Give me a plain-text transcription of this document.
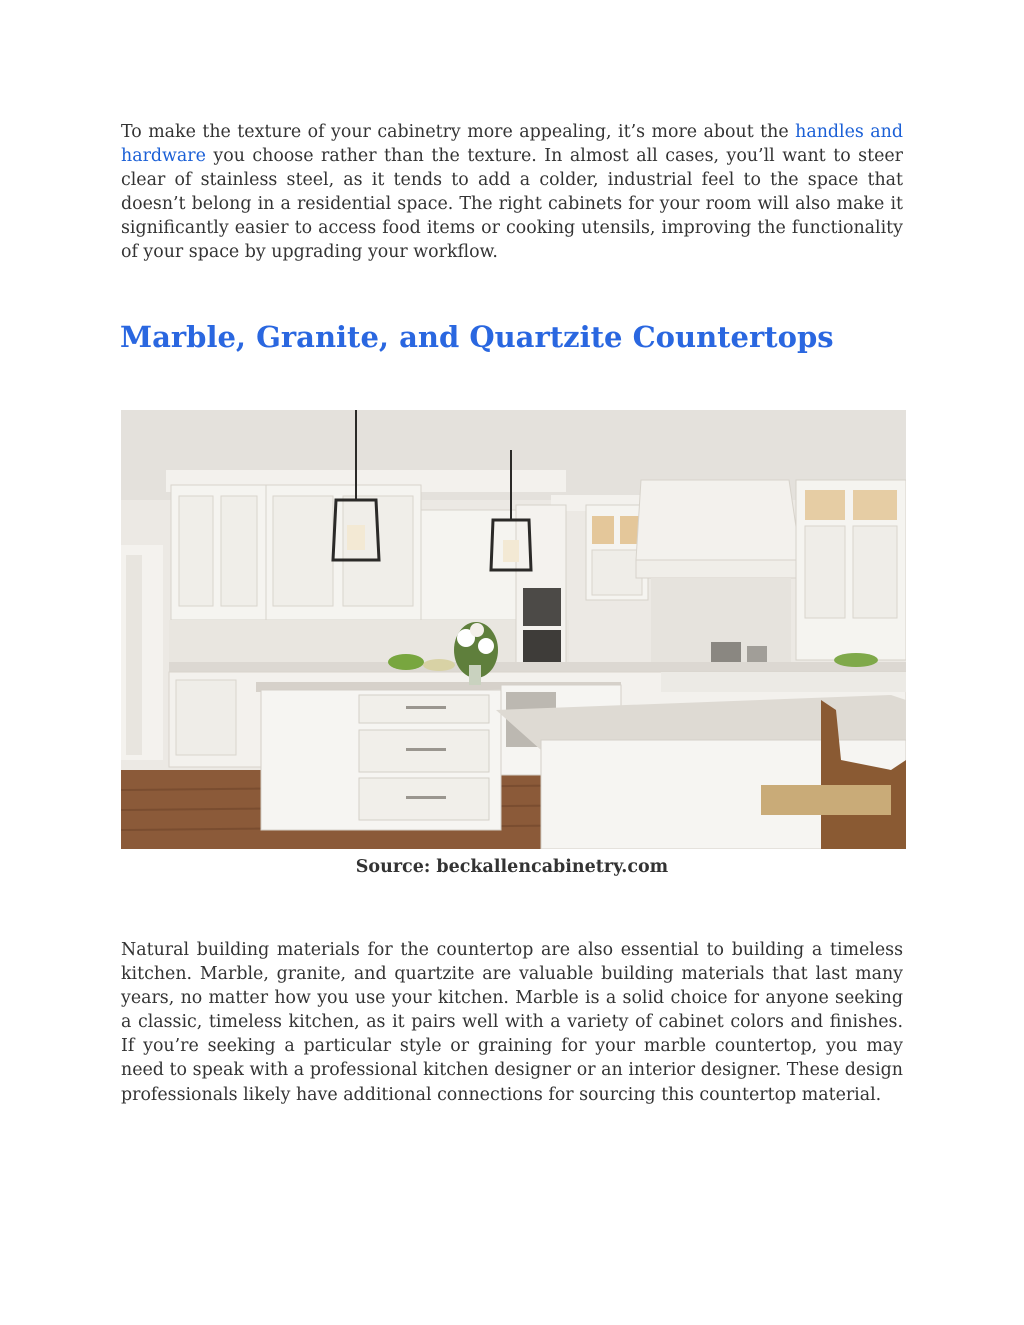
To make the texture of your cabinetry more appealing, it’s more about the handles and hardware you choose rather than the texture. In almost all cases, you’ll want to steer clear of stainless steel, as it tends to add a colder, industrial feel to the space that doesn’t belong in a residential space. The right cabinets for your room will also make it significantly easier to access food items or cooking utensils, improving the functionality of your space by upgrading your workflow.

Marble, Granite, and Quartzite Countertops
Source: beckallencabinetry.com

Natural building materials for the countertop are also essential to building a timeless kitchen. Marble, granite, and quartzite are valuable building materials that last many years, no matter how you use your kitchen. Marble is a solid choice for anyone seeking a classic, timeless kitchen, as it pairs well with a variety of cabinet colors and finishes. If you’re seeking a particular style or graining for your marble countertop, you may need to speak with a professional kitchen designer or an interior designer. These design professionals likely have additional connections for sourcing this countertop material.
